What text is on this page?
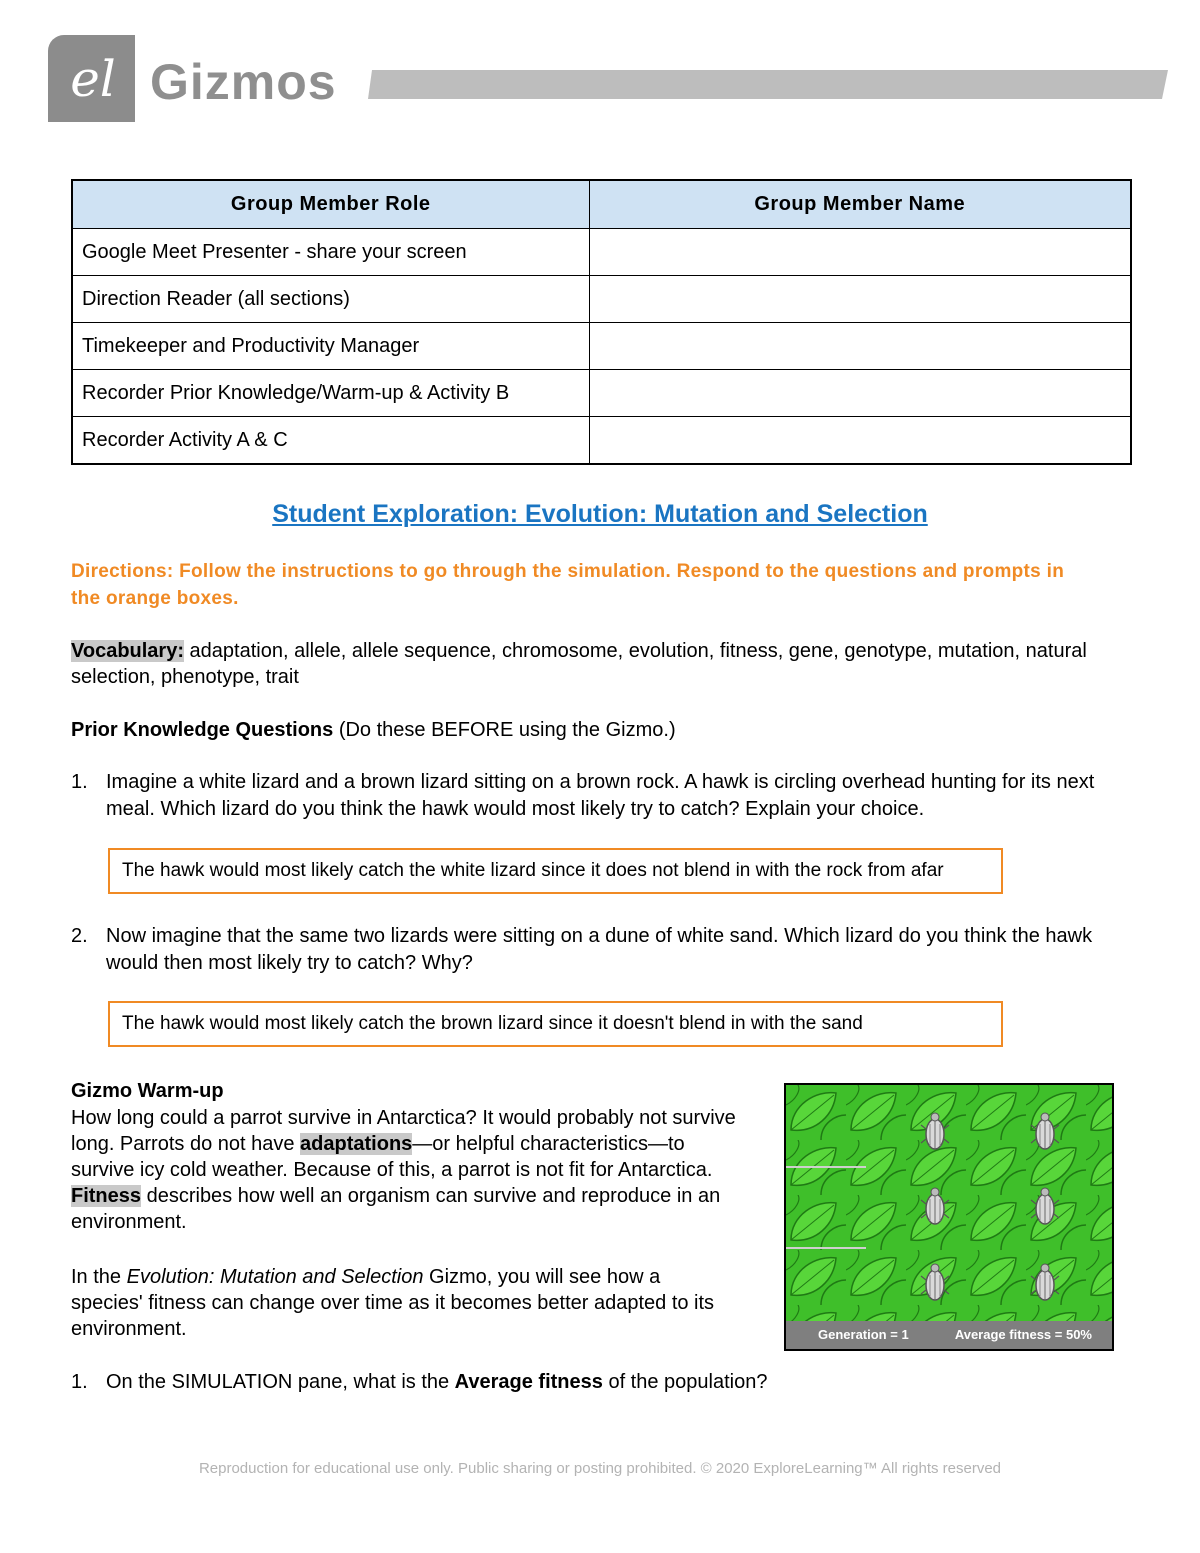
el Gizmos
Group Member Role	Group Member Name
Google Meet Presenter - share your screen	
Direction Reader (all sections)	
Timekeeper and Productivity Manager	
Recorder Prior Knowledge/Warm-up & Activity B	
Recorder Activity A & C	
Student Exploration: Evolution: Mutation and Selection
Directions: Follow the instructions to go through the simulation. Respond to the questions and prompts in the orange boxes.
Vocabulary: adaptation, allele, allele sequence, chromosome, evolution, fitness, gene, genotype, mutation, natural selection, phenotype, trait
Prior Knowledge Questions (Do these BEFORE using the Gizmo.)
1. Imagine a white lizard and a brown lizard sitting on a brown rock. A hawk is circling overhead hunting for its next meal. Which lizard do you think the hawk would most likely try to catch? Explain your choice.
The hawk would most likely catch the white lizard since it does not blend in with the rock from afar
2. Now imagine that the same two lizards were sitting on a dune of white sand. Which lizard do you think the hawk would then most likely try to catch? Why?
The hawk would most likely catch the brown lizard since it doesn't blend in with the sand
Gizmo Warm-up
How long could a parrot survive in Antarctica? It would probably not survive long. Parrots do not have adaptations—or helpful characteristics—to survive icy cold weather. Because of this, a parrot is not fit for Antarctica. Fitness describes how well an organism can survive and reproduce in an environment.
In the Evolution: Mutation and Selection Gizmo, you will see how a species' fitness can change over time as it becomes better adapted to its environment.
1. On the SIMULATION pane, what is the Average fitness of the population?
Generation = 1	Average fitness = 50%
Reproduction for educational use only. Public sharing or posting prohibited. © 2020 ExploreLearning™ All rights reserved
